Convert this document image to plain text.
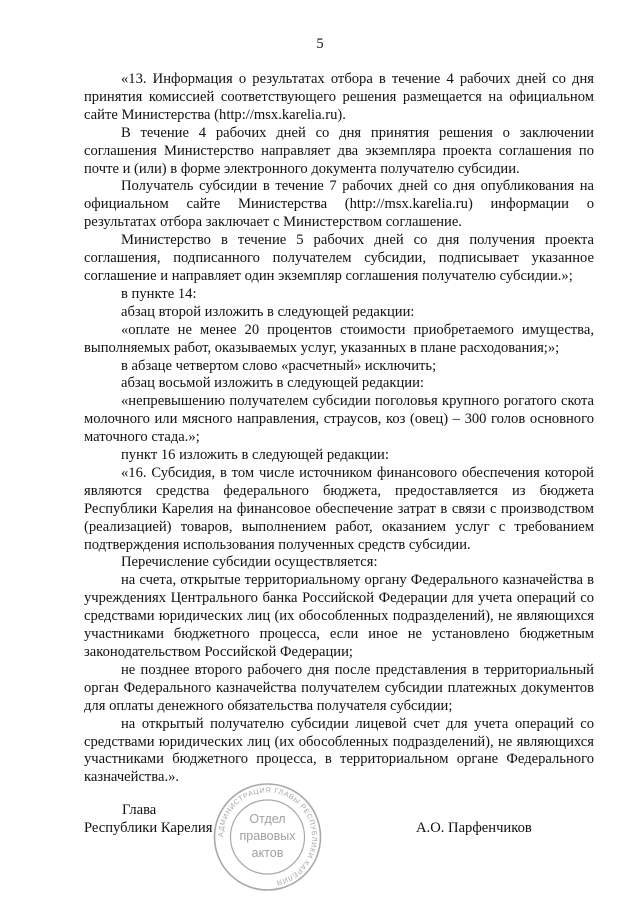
5

«13. Информация о результатах отбора в течение 4 рабочих дней со дня принятия комиссией соответствующего решения размещается на официальном сайте Министерства (http://msx.karelia.ru).

В течение 4 рабочих дней со дня принятия решения о заключении соглашения Министерство направляет два экземпляра проекта соглашения по почте и (или) в форме электронного документа получателю субсидии.

Получатель субсидии в течение 7 рабочих дней со дня опубликования на официальном сайте Министерства (http://msx.karelia.ru) информации о результатах отбора заключает с Министерством соглашение.

Министерство в течение 5 рабочих дней со дня получения проекта соглашения, подписанного получателем субсидии, подписывает указанное соглашение и направляет один экземпляр соглашения получателю субсидии.»;

в пункте 14:

абзац второй изложить в следующей редакции:

«оплате не менее 20 процентов стоимости приобретаемого имущества, выполняемых работ, оказываемых услуг, указанных в плане расходования;»;

в абзаце четвертом слово «расчетный» исключить;

абзац восьмой изложить в следующей редакции:

«непревышению получателем субсидии поголовья крупного рогатого скота молочного или мясного направления, страусов, коз (овец) – 300 голов основного маточного стада.»;

пункт 16 изложить в следующей редакции:

«16. Субсидия, в том числе источником финансового обеспечения которой являются средства федерального бюджета, предоставляется из бюджета Республики Карелия на финансовое обеспечение затрат в связи с производством (реализацией) товаров, выполнением работ, оказанием услуг с требованием подтверждения использования полученных средств субсидии.

Перечисление субсидии осуществляется:

на счета, открытые территориальному органу Федерального казначейства в учреждениях Центрального банка Российской Федерации для учета операций со средствами юридических лиц (их обособленных подразделений), не являющихся участниками бюджетного процесса, если иное не установлено бюджетным законодательством Российской Федерации;

не позднее второго рабочего дня после представления в территориальный орган Федерального казначейства получателем субсидии платежных документов для оплаты денежного обязательства получателя субсидии;

на открытый получателю субсидии лицевой счет для учета операций со средствами юридических лиц (их обособленных подразделений), не являющихся участниками бюджетного процесса, в территориальном органе Федерального казначейства.».

Глава
Республики Карелия	А.О. Парфенчиков
АДМИНИСТРАЦИЯ ГЛАВЫ РЕСПУБЛИКИ КАРЕЛИЯ
Отдел
правовых
актов
